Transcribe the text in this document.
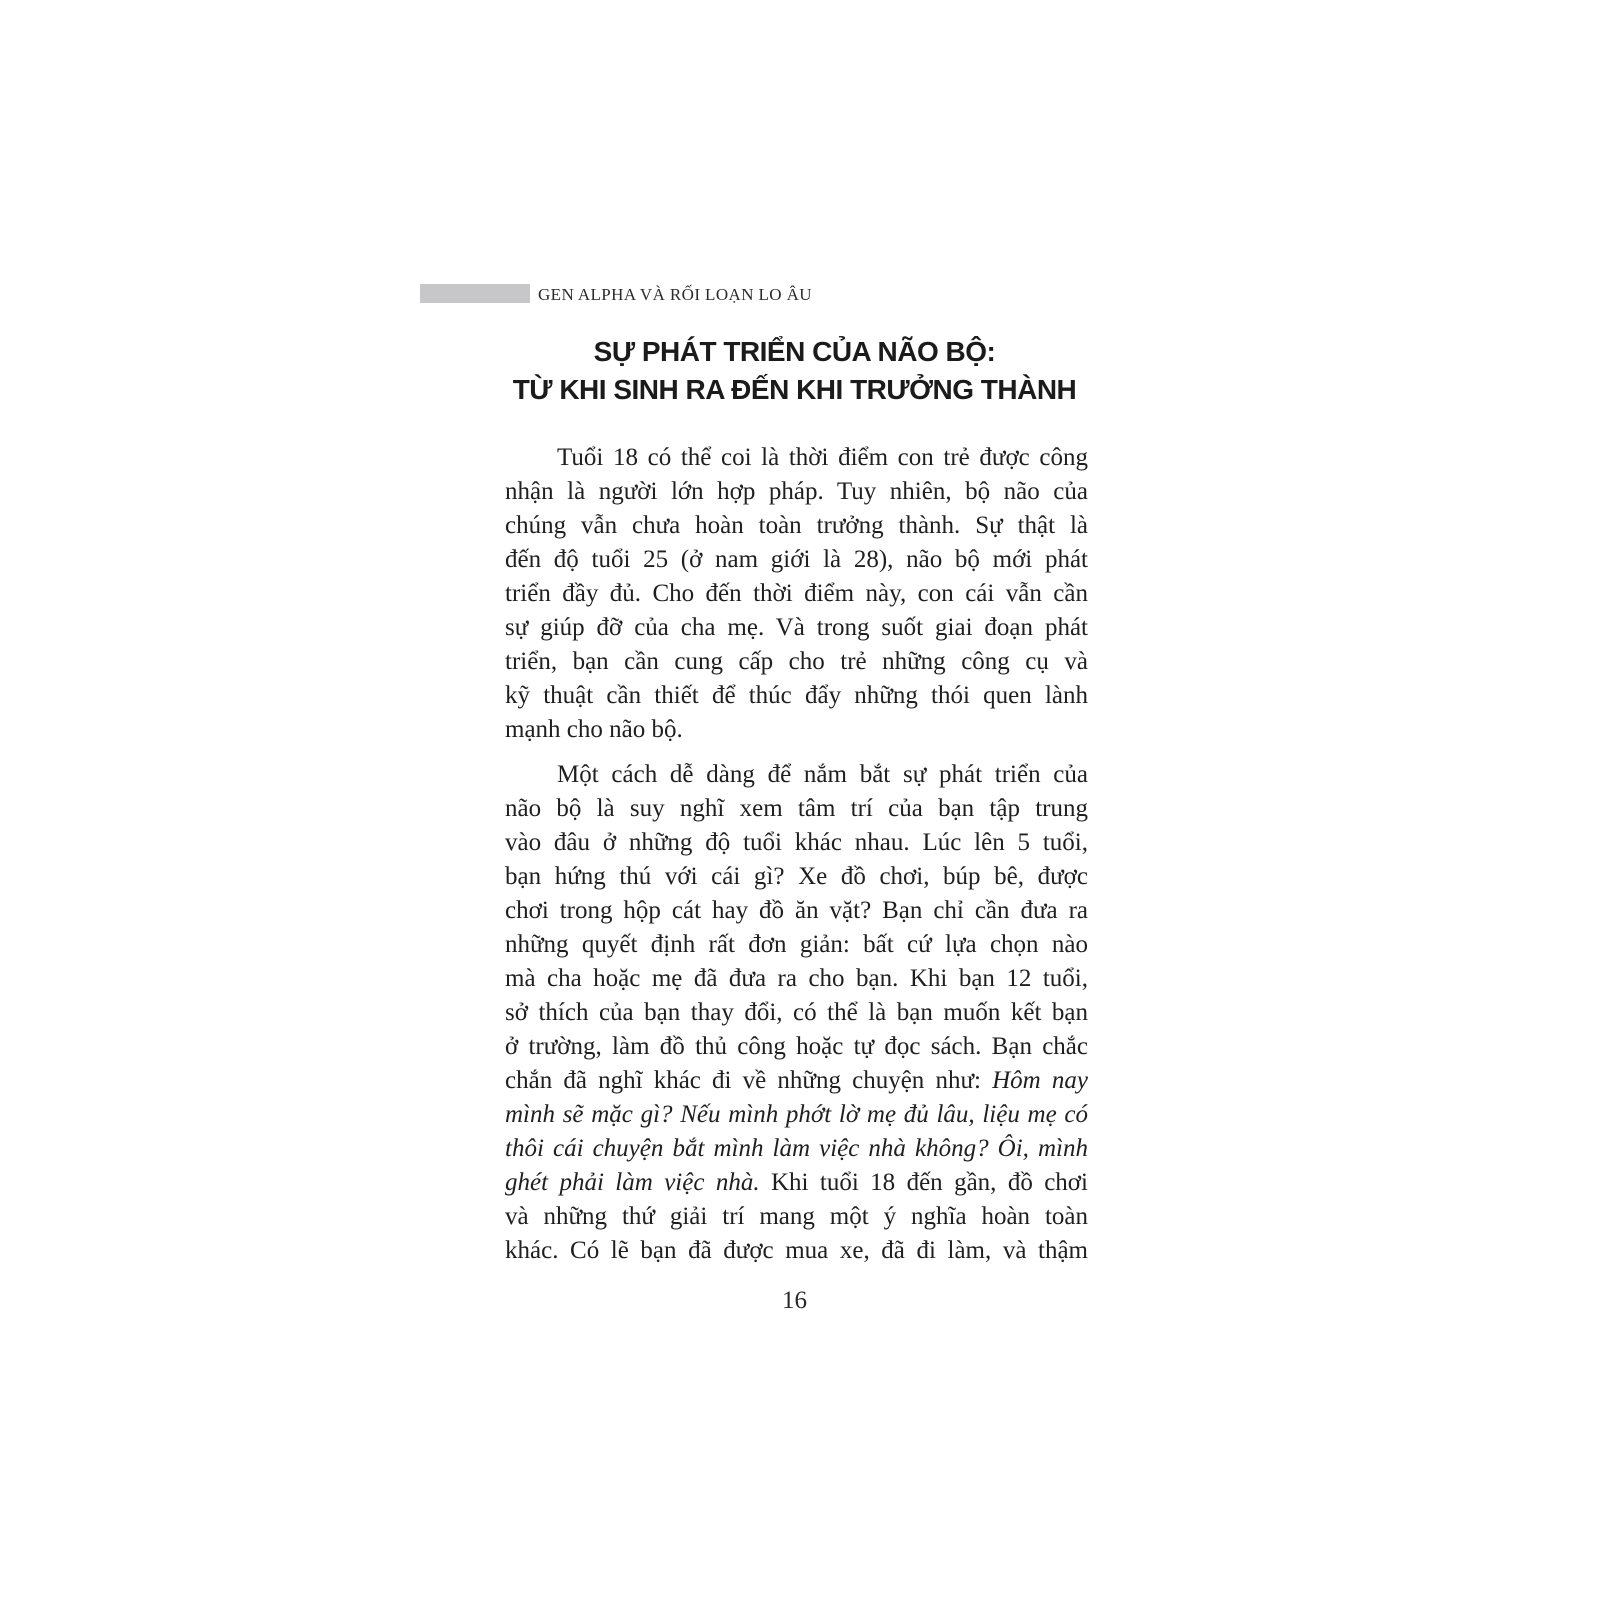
GEN ALPHA VÀ RỐI LOẠN LO ÂU
SỰ PHÁT TRIỂN CỦA NÃO BỘ:
TỪ KHI SINH RA ĐẾN KHI TRƯỞNG THÀNH
Tuổi 18 có thể coi là thời điểm con trẻ được công
nhận là người lớn hợp pháp. Tuy nhiên, bộ não của
chúng vẫn chưa hoàn toàn trưởng thành. Sự thật là
đến độ tuổi 25 (ở nam giới là 28), não bộ mới phát
triển đầy đủ. Cho đến thời điểm này, con cái vẫn cần
sự giúp đỡ của cha mẹ. Và trong suốt giai đoạn phát
triển, bạn cần cung cấp cho trẻ những công cụ và
kỹ thuật cần thiết để thúc đẩy những thói quen lành
mạnh cho não bộ.
Một cách dễ dàng để nắm bắt sự phát triển của
não bộ là suy nghĩ xem tâm trí của bạn tập trung
vào đâu ở những độ tuổi khác nhau. Lúc lên 5 tuổi,
bạn hứng thú với cái gì? Xe đồ chơi, búp bê, được
chơi trong hộp cát hay đồ ăn vặt? Bạn chỉ cần đưa ra
những quyết định rất đơn giản: bất cứ lựa chọn nào
mà cha hoặc mẹ đã đưa ra cho bạn. Khi bạn 12 tuổi,
sở thích của bạn thay đổi, có thể là bạn muốn kết bạn
ở trường, làm đồ thủ công hoặc tự đọc sách. Bạn chắc
chắn đã nghĩ khác đi về những chuyện như: Hôm nay
mình sẽ mặc gì? Nếu mình phớt lờ mẹ đủ lâu, liệu mẹ có
thôi cái chuyện bắt mình làm việc nhà không? Ôi, mình
ghét phải làm việc nhà. Khi tuổi 18 đến gần, đồ chơi
và những thứ giải trí mang một ý nghĩa hoàn toàn
khác. Có lẽ bạn đã được mua xe, đã đi làm, và thậm
16
